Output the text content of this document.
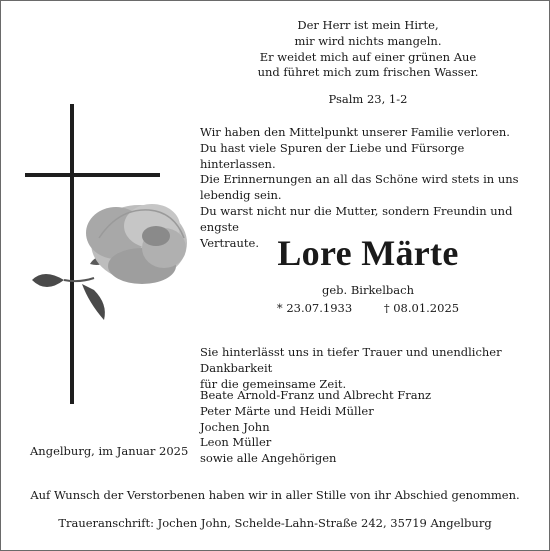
Der Herr ist mein Hirte,
mir wird nichts mangeln.
Er weidet mich auf einer grünen Aue
und führet mich zum frischen Wasser.
Psalm 23, 1-2
Wir haben den Mittelpunkt unserer Familie verloren.
Du hast viele Spuren der Liebe und Fürsorge hinterlassen.
Die Erinnernungen an all das Schöne wird stets in uns
lebendig sein.
Du warst nicht nur die Mutter, sondern Freundin und engste
Vertraute. Lore Märte
geb. Birkelbach
* 23.07.1933	† 08.01.2025
Sie hinterlässt uns in tiefer Trauer und unendlicher Dankbarkeit
für die gemeinsame Zeit.
Beate Arnold-Franz und Albrecht Franz
Peter Märte und Heidi Müller
Jochen John
Leon Müller
sowie alle Angehörigen
Angelburg, im Januar 2025
Auf Wunsch der Verstorbenen haben wir in aller Stille von ihr Abschied genommen.
Traueranschrift: Jochen John, Schelde-Lahn-Straße 242, 35719 Angelburg
